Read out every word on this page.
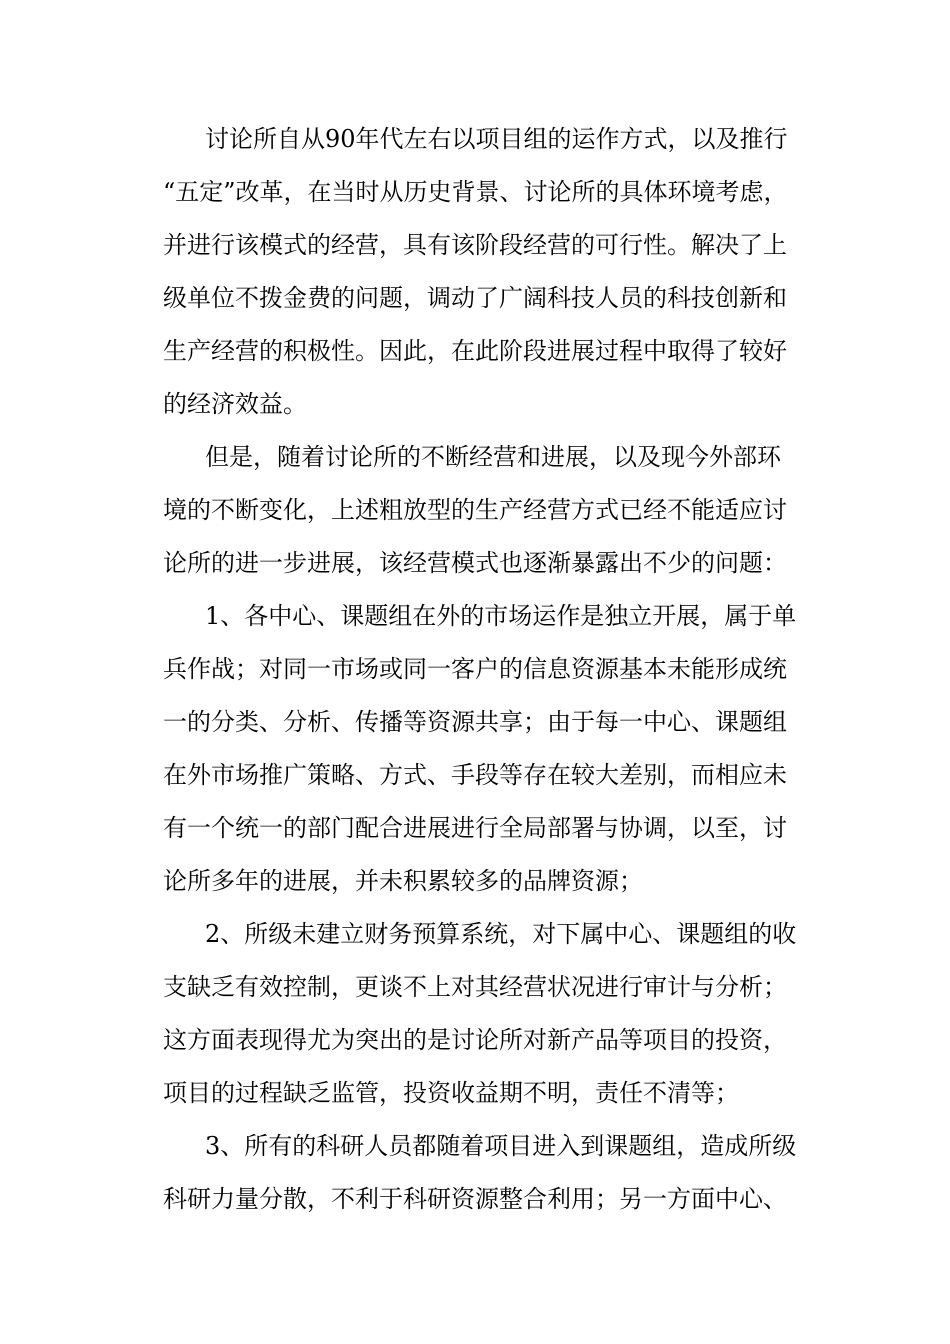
讨论所自从90年代左右以项目组的运作方式，以及推行
“五定”改革，在当时从历史背景、讨论所的具体环境考虑，
并进行该模式的经营，具有该阶段经营的可行性。解决了上
级单位不拨金费的问题，调动了广阔科技人员的科技创新和
生产经营的积极性。因此，在此阶段进展过程中取得了较好
的经济效益。
但是，随着讨论所的不断经营和进展，以及现今外部环
境的不断变化，上述粗放型的生产经营方式已经不能适应讨
论所的进一步进展，该经营模式也逐渐暴露出不少的问题：
1、各中心、课题组在外的市场运作是独立开展，属于单
兵作战；对同一市场或同一客户的信息资源基本未能形成统
一的分类、分析、传播等资源共享；由于每一中心、课题组
在外市场推广策略、方式、手段等存在较大差别，而相应未
有一个统一的部门配合进展进行全局部署与协调，以至，讨
论所多年的进展，并未积累较多的品牌资源；
2、所级未建立财务预算系统，对下属中心、课题组的收
支缺乏有效控制，更谈不上对其经营状况进行审计与分析；
这方面表现得尤为突出的是讨论所对新产品等项目的投资，
项目的过程缺乏监管，投资收益期不明，责任不清等；
3、所有的科研人员都随着项目进入到课题组，造成所级
科研力量分散，不利于科研资源整合利用；另一方面中心、
